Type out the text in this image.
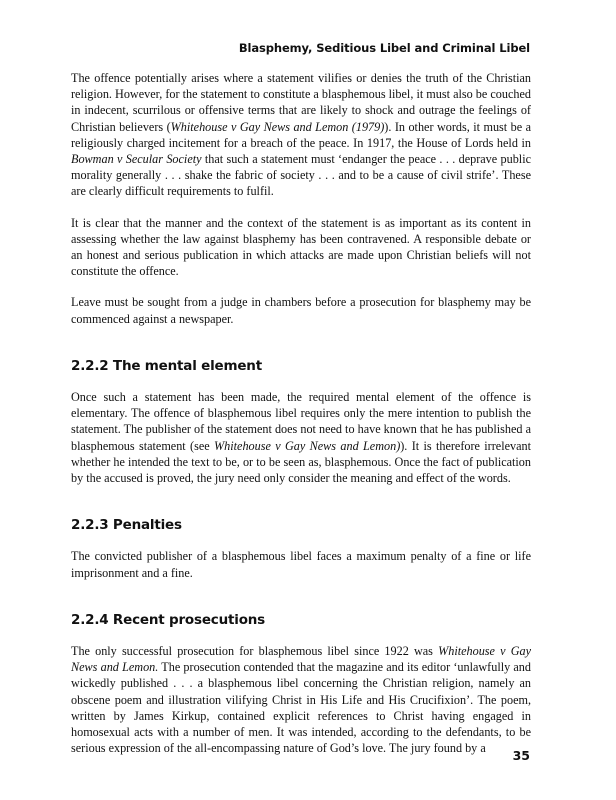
Blasphemy, Seditious Libel and Criminal Libel

The offence potentially arises where a statement vilifies or denies the truth of the Christian religion. However, for the statement to constitute a blasphemous libel, it must also be couched in indecent, scurrilous or offensive terms that are likely to shock and outrage the feelings of Christian believers (Whitehouse v Gay News and Lemon (1979)). In other words, it must be a religiously charged incitement for a breach of the peace. In 1917, the House of Lords held in Bowman v Secular Society that such a statement must ‘endanger the peace . . . deprave public morality generally . . . shake the fabric of society . . . and to be a cause of civil strife’. These are clearly difficult requirements to fulfil.

It is clear that the manner and the context of the statement is as important as its content in assessing whether the law against blasphemy has been contravened. A responsible debate or an honest and serious publication in which attacks are made upon Christian beliefs will not constitute the offence.

Leave must be sought from a judge in chambers before a prosecution for blasphemy may be commenced against a newspaper.

2.2.2 The mental element

Once such a statement has been made, the required mental element of the offence is elementary. The offence of blasphemous libel requires only the mere intention to publish the statement. The publisher of the statement does not need to have known that he has published a blasphemous statement (see Whitehouse v Gay News and Lemon)). It is therefore irrelevant whether he intended the text to be, or to be seen as, blasphemous. Once the fact of publication by the accused is proved, the jury need only consider the meaning and effect of the words.

2.2.3 Penalties

The convicted publisher of a blasphemous libel faces a maximum penalty of a fine or life imprisonment and a fine.

2.2.4 Recent prosecutions

The only successful prosecution for blasphemous libel since 1922 was Whitehouse v Gay News and Lemon. The prosecution contended that the magazine and its editor ‘unlawfully and wickedly published . . . a blasphemous libel concerning the Christian religion, namely an obscene poem and illustration vilifying Christ in His Life and His Crucifixion’. The poem, written by James Kirkup, contained explicit references to Christ having engaged in homosexual acts with a number of men. It was intended, according to the defendants, to be serious expression of the all-encompassing nature of God’s love. The jury found by a	35
